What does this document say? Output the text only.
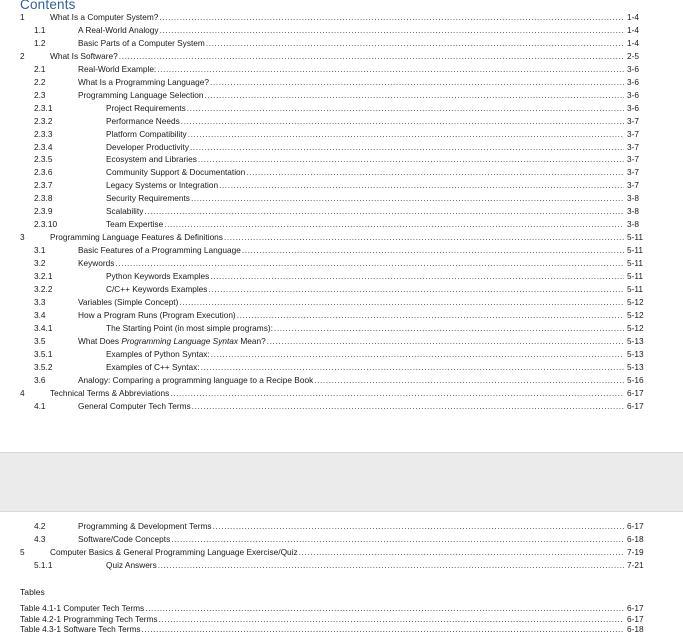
Contents
1	What Is a Computer System? .....	1-4
1.1	A Real-World Analogy .....	1-4
1.2	Basic Parts of a Computer System .....	1-4
2	What Is Software? .....	2-5
2.1	Real-World Example: .....	3-6
2.2	What Is a Programming Language? .....	3-6
2.3	Programming Language Selection .....	3-6
2.3.1	Project Requirements .....	3-6
2.3.2	Performance Needs .....	3-7
2.3.3	Platform Compatibility .....	3-7
2.3.4	Developer Productivity .....	3-7
2.3.5	Ecosystem and Libraries .....	3-7
2.3.6	Community Support & Documentation .....	3-7
2.3.7	Legacy Systems or Integration .....	3-7
2.3.8	Security Requirements .....	3-8
2.3.9	Scalability .....	3-8
2.3.10	Team Expertise .....	3-8
3	Programming Language Features & Definitions .....	5-11
3.1	Basic Features of a Programming Language .....	5-11
3.2	Keywords .....	5-11
3.2.1	Python Keywords Examples .....	5-11
3.2.2	C/C++ Keywords Examples .....	5-11
3.3	Variables (Simple Concept) .....	5-12
3.4	How a Program Runs (Program Execution) .....	5-12
3.4.1	The Starting Point (in most simple programs): .....	5-12
3.5	What Does Programming Language Syntax Mean? .....	5-13
3.5.1	Examples of Python Syntax: .....	5-13
3.5.2	Examples of C++ Syntax: .....	5-13
3.6	Analogy: Comparing a programming language to a Recipe Book .....	5-16
4	Technical Terms & Abbreviations .....	6-17
4.1	General Computer Tech Terms .....	6-17
4.2	Programming & Development Terms .....	6-17
4.3	Software/Code Concepts .....	6-18
5	Computer Basics & General Programming Language Exercise/Quiz .....	7-19
5.1.1	Quiz Answers .....	7-21
Tables
Table 4.1-1 Computer Tech Terms .....	6-17
Table 4.2-1 Programming Tech Terms .....	6-17
Table 4.3-1 Software Tech Terms .....	6-18
